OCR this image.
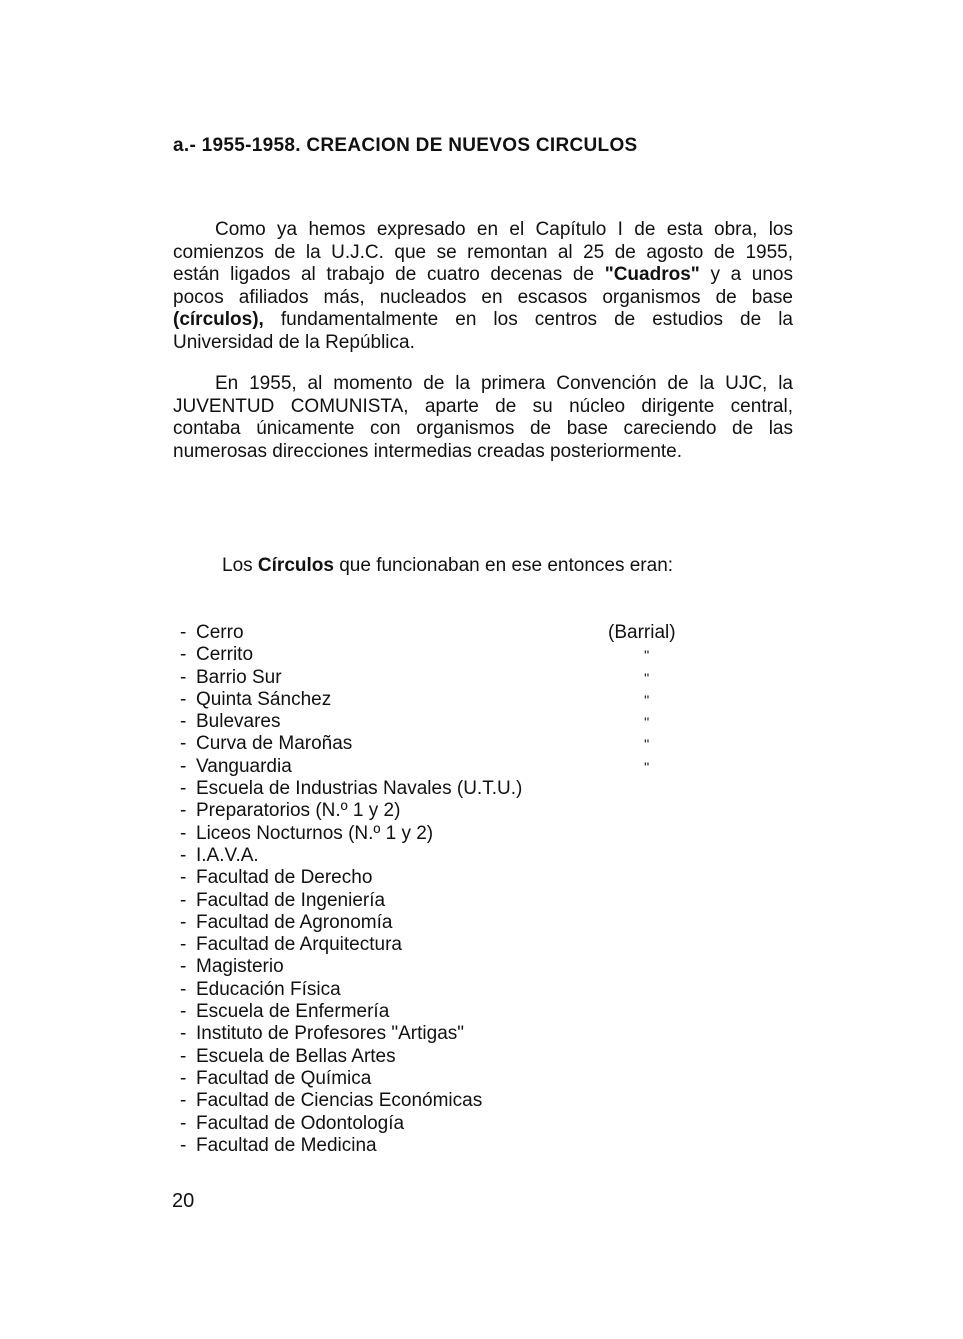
a.- 1955-1958. CREACION DE NUEVOS CIRCULOS

Como ya hemos expresado en el Capítulo I de esta obra, los
comienzos de la U.J.C. que se remontan al 25 de agosto de 1955,
están ligados al trabajo de cuatro decenas de "Cuadros" y a unos
pocos afiliados más, nucleados en escasos organismos de base
(círculos), fundamentalmente en los centros de estudios de la
Universidad de la República.

En 1955, al momento de la primera Convención de la UJC, la
JUVENTUD COMUNISTA, aparte de su núcleo dirigente central,
contaba únicamente con organismos de base careciendo de las
numerosas direcciones intermedias creadas posteriormente.

Los Círculos que funcionaban en ese entonces eran:
- Cerro
- Cerrito
- Barrio Sur
- Quinta Sánchez
- Bulevares
- Curva de Maroñas
- Vanguardia
- Escuela de Industrias Navales (U.T.U.)
- Preparatorios (N.º 1 y 2)
- Liceos Nocturnos (N.º 1 y 2)
- I.A.V.A.
- Facultad de Derecho
- Facultad de Ingeniería
- Facultad de Agronomía
- Facultad de Arquitectura
- Magisterio
- Educación Física
- Escuela de Enfermería
- Instituto de Profesores "Artigas"
- Escuela de Bellas Artes
- Facultad de Química
- Facultad de Ciencias Económicas
- Facultad de Odontología
- Facultad de Medicina
(Barrial)
''
''
''
''
''
''
20
